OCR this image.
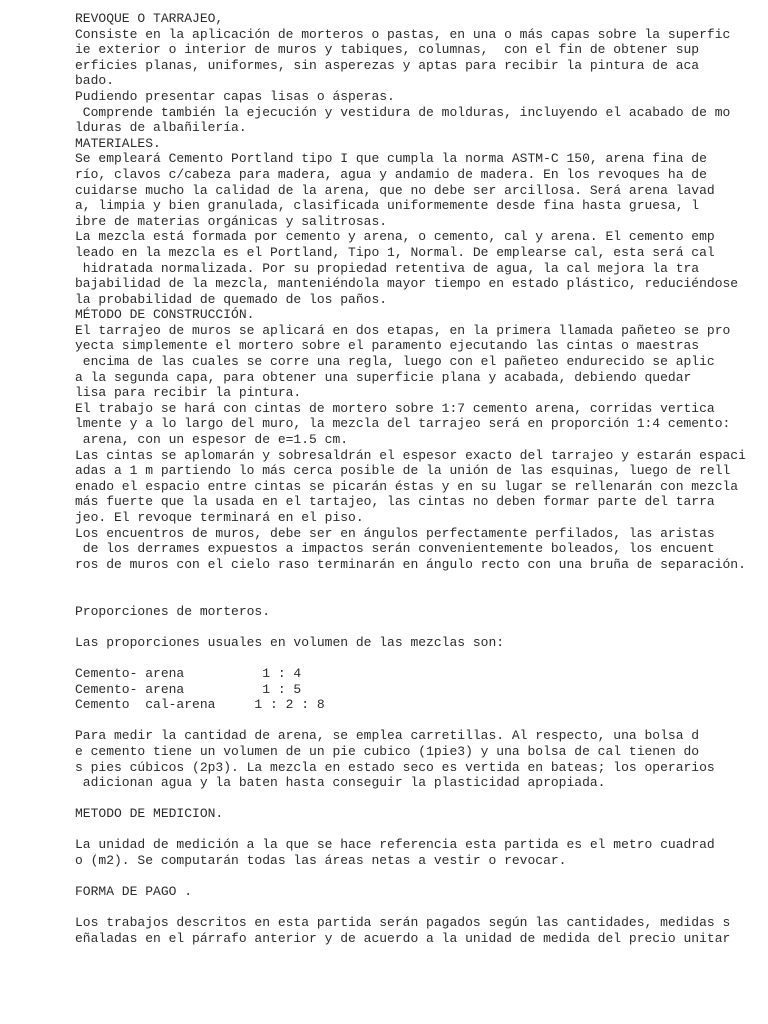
REVOQUE O TARRAJEO,
Consiste en la aplicación de morteros o pastas, en una o más capas sobre la superfic
ie exterior o interior de muros y tabiques, columnas,  con el fin de obtener sup
erficies planas, uniformes, sin asperezas y aptas para recibir la pintura de aca
bado.
Pudiendo presentar capas lisas o ásperas.
Comprende también la ejecución y vestidura de molduras, incluyendo el acabado de mo
lduras de albañilería.
MATERIALES.
Se empleará Cemento Portland tipo I que cumpla la norma ASTM-C 150, arena fina de
río, clavos c/cabeza para madera, agua y andamio de madera. En los revoques ha de
cuidarse mucho la calidad de la arena, que no debe ser arcillosa. Será arena lavad
a, limpia y bien granulada, clasificada uniformemente desde fina hasta gruesa, l
ibre de materias orgánicas y salitrosas.
La mezcla está formada por cemento y arena, o cemento, cal y arena. El cemento emp
leado en la mezcla es el Portland, Tipo 1, Normal. De emplearse cal, esta será cal
hidratada normalizada. Por su propiedad retentiva de agua, la cal mejora la tra
bajabilidad de la mezcla, manteniéndola mayor tiempo en estado plástico, reduciéndose
la probabilidad de quemado de los paños.
MÉTODO DE CONSTRUCCIÓN.
El tarrajeo de muros se aplicará en dos etapas, en la primera llamada pañeteo se pro
yecta simplemente el mortero sobre el paramento ejecutando las cintas o maestras
encima de las cuales se corre una regla, luego con el pañeteo endurecido se aplic
a la segunda capa, para obtener una superficie plana y acabada, debiendo quedar
lisa para recibir la pintura.
El trabajo se hará con cintas de mortero sobre 1:7 cemento arena, corridas vertica
lmente y a lo largo del muro, la mezcla del tarrajeo será en proporción 1:4 cemento:
arena, con un espesor de e=1.5 cm.
Las cintas se aplomarán y sobresaldrán el espesor exacto del tarrajeo y estarán espaci
adas a 1 m partiendo lo más cerca posible de la unión de las esquinas, luego de rell
enado el espacio entre cintas se picarán éstas y en su lugar se rellenarán con mezcla
más fuerte que la usada en el tartajeo, las cintas no deben formar parte del tarra
jeo. El revoque terminará en el piso.
Los encuentros de muros, debe ser en ángulos perfectamente perfilados, las aristas
de los derrames expuestos a impactos serán convenientemente boleados, los encuent
ros de muros con el cielo raso terminarán en ángulo recto con una bruña de separación.
Proporciones de morteros.
Las proporciones usuales en volumen de las mezclas son:
Cemento- arena          1 : 4
Cemento- arena          1 : 5
Cemento  cal-arena     1 : 2 : 8
Para medir la cantidad de arena, se emplea carretillas. Al respecto, una bolsa d
e cemento tiene un volumen de un pie cubico (1pie3) y una bolsa de cal tienen do
s pies cúbicos (2p3). La mezcla en estado seco es vertida en bateas; los operarios
adicionan agua y la baten hasta conseguir la plasticidad apropiada.
METODO DE MEDICION.
La unidad de medición a la que se hace referencia esta partida es el metro cuadrad
o (m2). Se computarán todas las áreas netas a vestir o revocar.
FORMA DE PAGO .
Los trabajos descritos en esta partida serán pagados según las cantidades, medidas s
eñaladas en el párrafo anterior y de acuerdo a la unidad de medida del precio unitar
